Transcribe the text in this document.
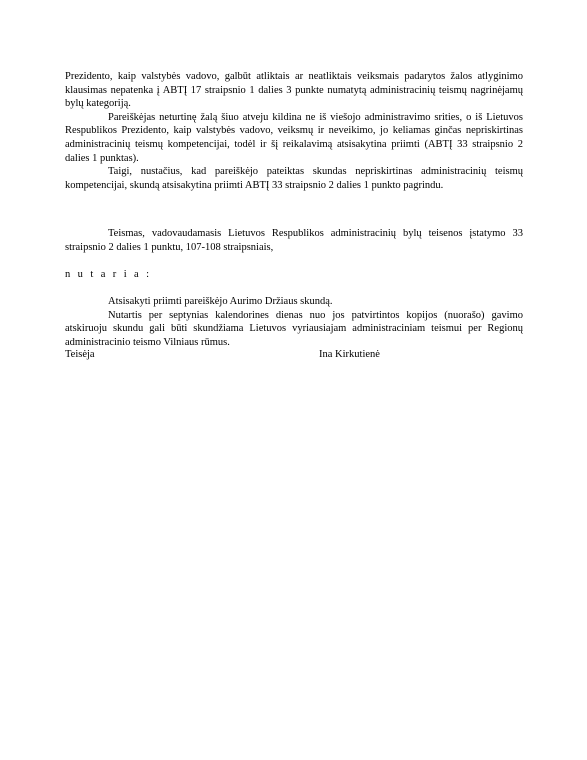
Prezidento, kaip valstybės vadovo, galbūt atliktais ar neatliktais veiksmais padarytos žalos atlyginimo klausimas nepatenka į ABTĮ 17 straipsnio 1 dalies 3 punkte numatytą administracinių teismų nagrinėjamų bylų kategoriją.

Pareiškėjas neturtinę žalą šiuo atveju kildina ne iš viešojo administravimo srities, o iš Lietuvos Respublikos Prezidento, kaip valstybės vadovo, veiksmų ir neveikimo, jo keliamas ginčas nepriskirtinas administracinių teismų kompetencijai, todėl ir šį reikalavimą atsisakytina priimti (ABTĮ 33 straipsnio 2 dalies 1 punktas).

Taigi, nustačius, kad pareiškėjo pateiktas skundas nepriskirtinas administracinių teismų kompetencijai, skundą atsisakytina priimti ABTĮ 33 straipsnio 2 dalies 1 punkto pagrindu.

Teismas, vadovaudamasis Lietuvos Respublikos administracinių bylų teisenos įstatymo 33 straipsnio 2 dalies 1 punktu, 107-108 straipsniais,

n u t a r i a :

Atsisakyti priimti pareiškėjo Aurimo Držiaus skundą.

Nutartis per septynias kalendorines dienas nuo jos patvirtintos kopijos (nuorašo) gavimo atskiruoju skundu gali būti skundžiama Lietuvos vyriausiajam administraciniam teismui per Regionų administracinio teismo Vilniaus rūmus.

Teisėja	Ina Kirkutienė
